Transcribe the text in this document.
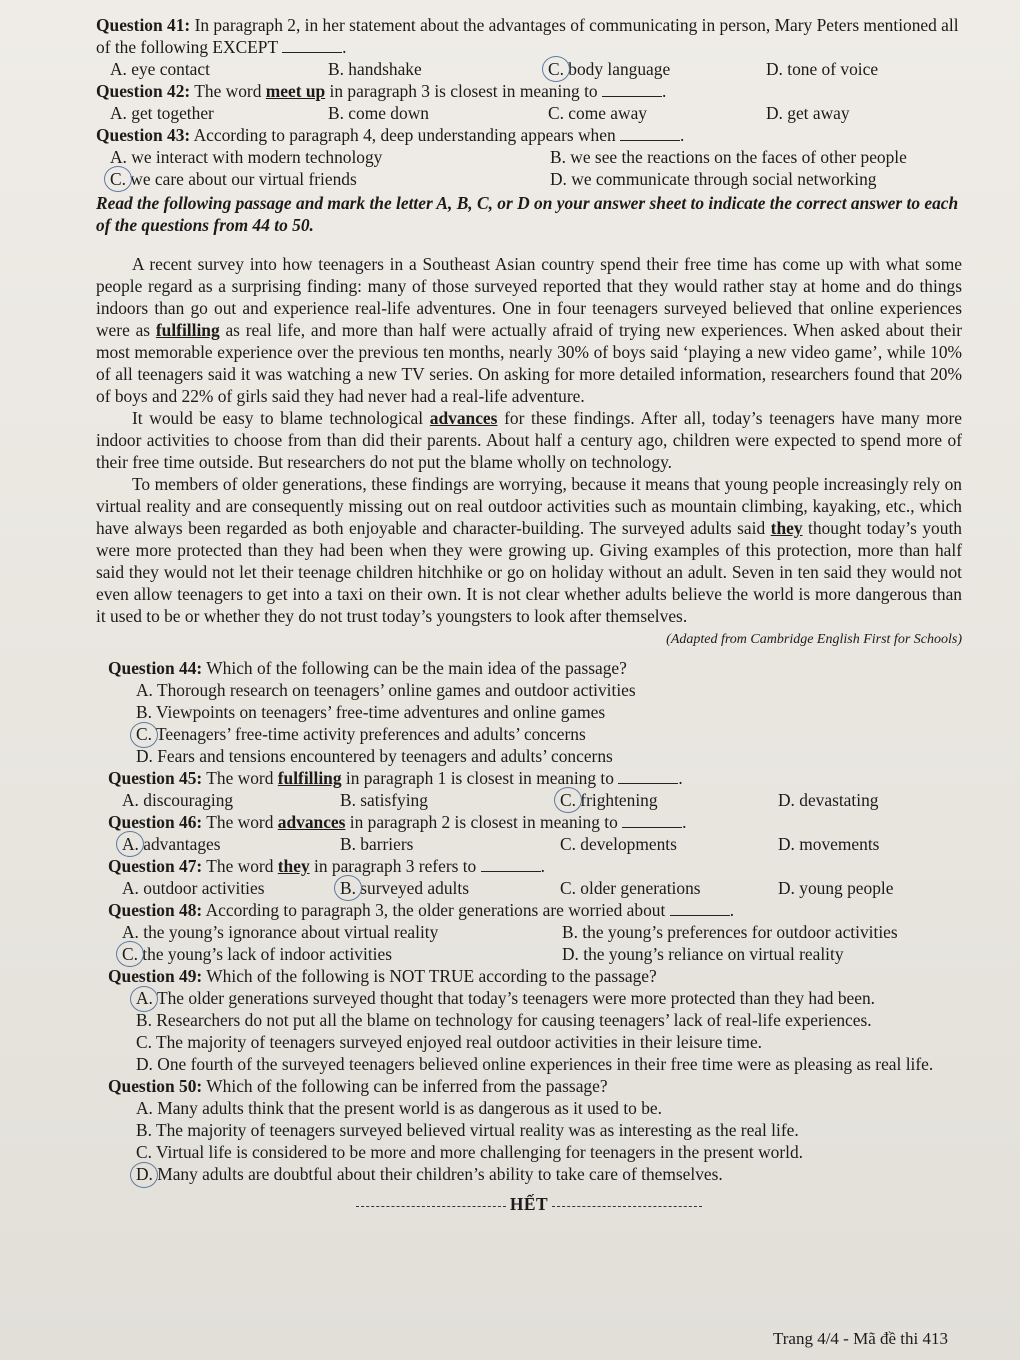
Question 41: In paragraph 2, in her statement about the advantages of communicating in person, Mary Peters mentioned all of the following EXCEPT	.

A. eye contact	B. handshake	C. body language	D. tone of voice

Question 42: The word meet up in paragraph 3 is closest in meaning to	.

A. get together	B. come down	C. come away	D. get away

Question 43: According to paragraph 4, deep understanding appears when	.

A. we interact with modern technology	B. we see the reactions on the faces of other people
C. we care about our virtual friends	D. we communicate through social networking

Read the following passage and mark the letter A, B, C, or D on your answer sheet to indicate the correct answer to each of the questions from 44 to 50.

A recent survey into how teenagers in a Southeast Asian country spend their free time has come up with what some people regard as a surprising finding: many of those surveyed reported that they would rather stay at home and do things indoors than go out and experience real-life adventures. One in four teenagers surveyed believed that online experiences were as fulfilling as real life, and more than half were actually afraid of trying new experiences. When asked about their most memorable experience over the previous ten months, nearly 30% of boys said ‘playing a new video game’, while 10% of all teenagers said it was watching a new TV series. On asking for more detailed information, researchers found that 20% of boys and 22% of girls said they had never had a real-life adventure.

It would be easy to blame technological advances for these findings. After all, today’s teenagers have many more indoor activities to choose from than did their parents. About half a century ago, children were expected to spend more of their free time outside. But researchers do not put the blame wholly on technology.

To members of older generations, these findings are worrying, because it means that young people increasingly rely on virtual reality and are consequently missing out on real outdoor activities such as mountain climbing, kayaking, etc., which have always been regarded as both enjoyable and character-building. The surveyed adults said they thought today’s youth were more protected than they had been when they were growing up. Giving examples of this protection, more than half said they would not let their teenage children hitchhike or go on holiday without an adult. Seven in ten said they would not even allow teenagers to get into a taxi on their own. It is not clear whether adults believe the world is more dangerous than it used to be or whether they do not trust today’s youngsters to look after themselves.

(Adapted from Cambridge English First for Schools)

Question 44: Which of the following can be the main idea of the passage?

A. Thorough research on teenagers’ online games and outdoor activities
B. Viewpoints on teenagers’ free-time adventures and online games
C. Teenagers’ free-time activity preferences and adults’ concerns
D. Fears and tensions encountered by teenagers and adults’ concerns

Question 45: The word fulfilling in paragraph 1 is closest in meaning to	.

A. discouraging	B. satisfying	C. frightening	D. devastating

Question 46: The word advances in paragraph 2 is closest in meaning to	.

A. advantages	B. barriers	C. developments	D. movements

Question 47: The word they in paragraph 3 refers to	.

A. outdoor activities	B. surveyed adults	C. older generations	D. young people

Question 48: According to paragraph 3, the older generations are worried about	.

A. the young’s ignorance about virtual reality	B. the young’s preferences for outdoor activities
C. the young’s lack of indoor activities	D. the young’s reliance on virtual reality

Question 49: Which of the following is NOT TRUE according to the passage?

A. The older generations surveyed thought that today’s teenagers were more protected than they had been.
B. Researchers do not put all the blame on technology for causing teenagers’ lack of real-life experiences.
C. The majority of teenagers surveyed enjoyed real outdoor activities in their leisure time.
D. One fourth of the surveyed teenagers believed online experiences in their free time were as pleasing as real life.

Question 50: Which of the following can be inferred from the passage?

A. Many adults think that the present world is as dangerous as it used to be.
B. The majority of teenagers surveyed believed virtual reality was as interesting as the real life.
C. Virtual life is considered to be more and more challenging for teenagers in the present world.
D. Many adults are doubtful about their children’s ability to take care of themselves.
HẾT
Trang 4/4 - Mã đề thi 413
